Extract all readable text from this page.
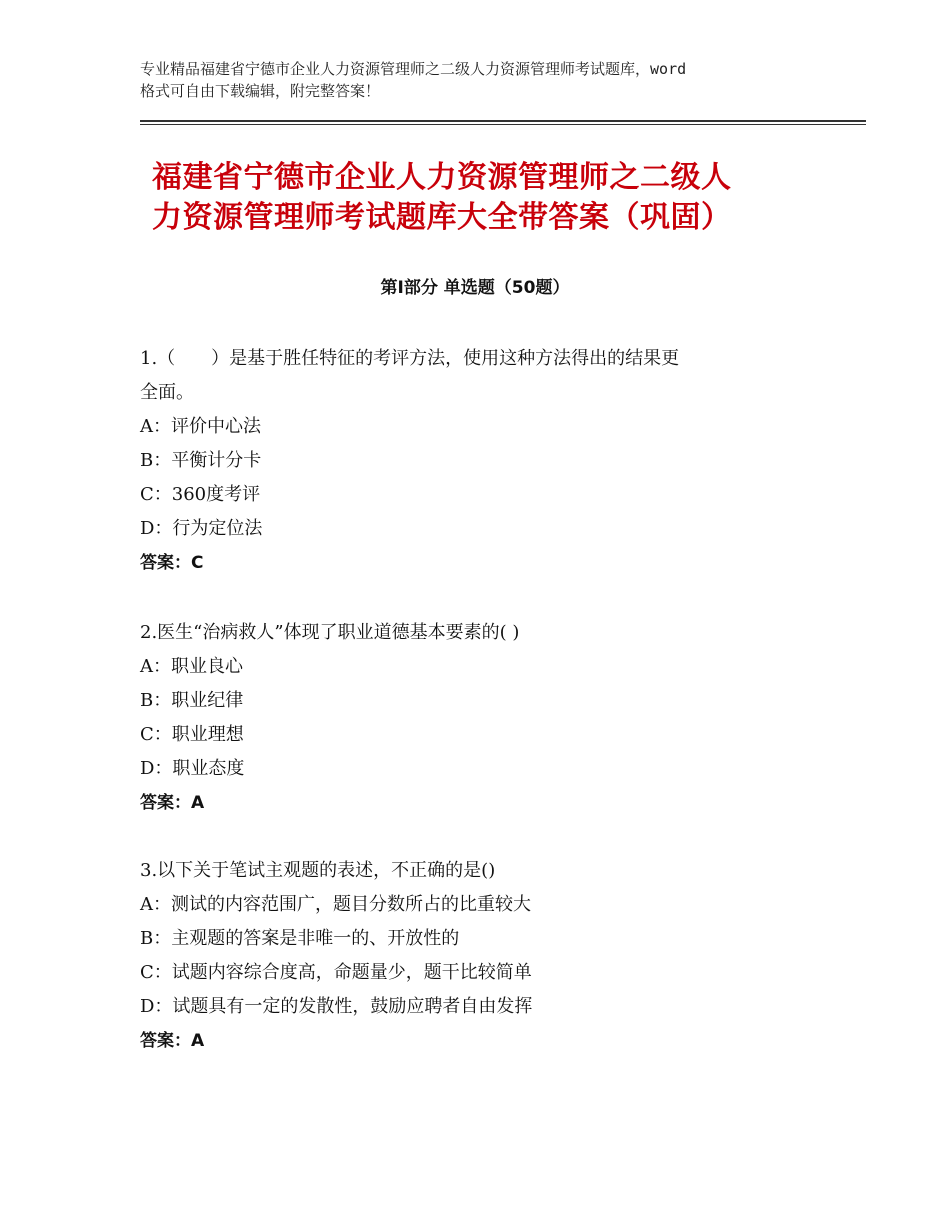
专业精品福建省宁德市企业人力资源管理师之二级人力资源管理师考试题库，word
格式可自由下载编辑，附完整答案！
福建省宁德市企业人力资源管理师之二级人
力资源管理师考试题库大全带答案（巩固）
第Ⅰ部分 单选题（50题）
1.（　　）是基于胜任特征的考评方法，使用这种方法得出的结果更
全面。
A：评价中心法
B：平衡计分卡
C：360度考评
D：行为定位法
答案：C
2.医生“治病救人”体现了职业道德基本要素的( )
A：职业良心
B：职业纪律
C：职业理想
D：职业态度
答案：A
3.以下关于笔试主观题的表述，不正确的是()
A：测试的内容范围广，题目分数所占的比重较大
B：主观题的答案是非唯一的、开放性的
C：试题内容综合度高，命题量少，题干比较简单
D：试题具有一定的发散性，鼓励应聘者自由发挥
答案：A
